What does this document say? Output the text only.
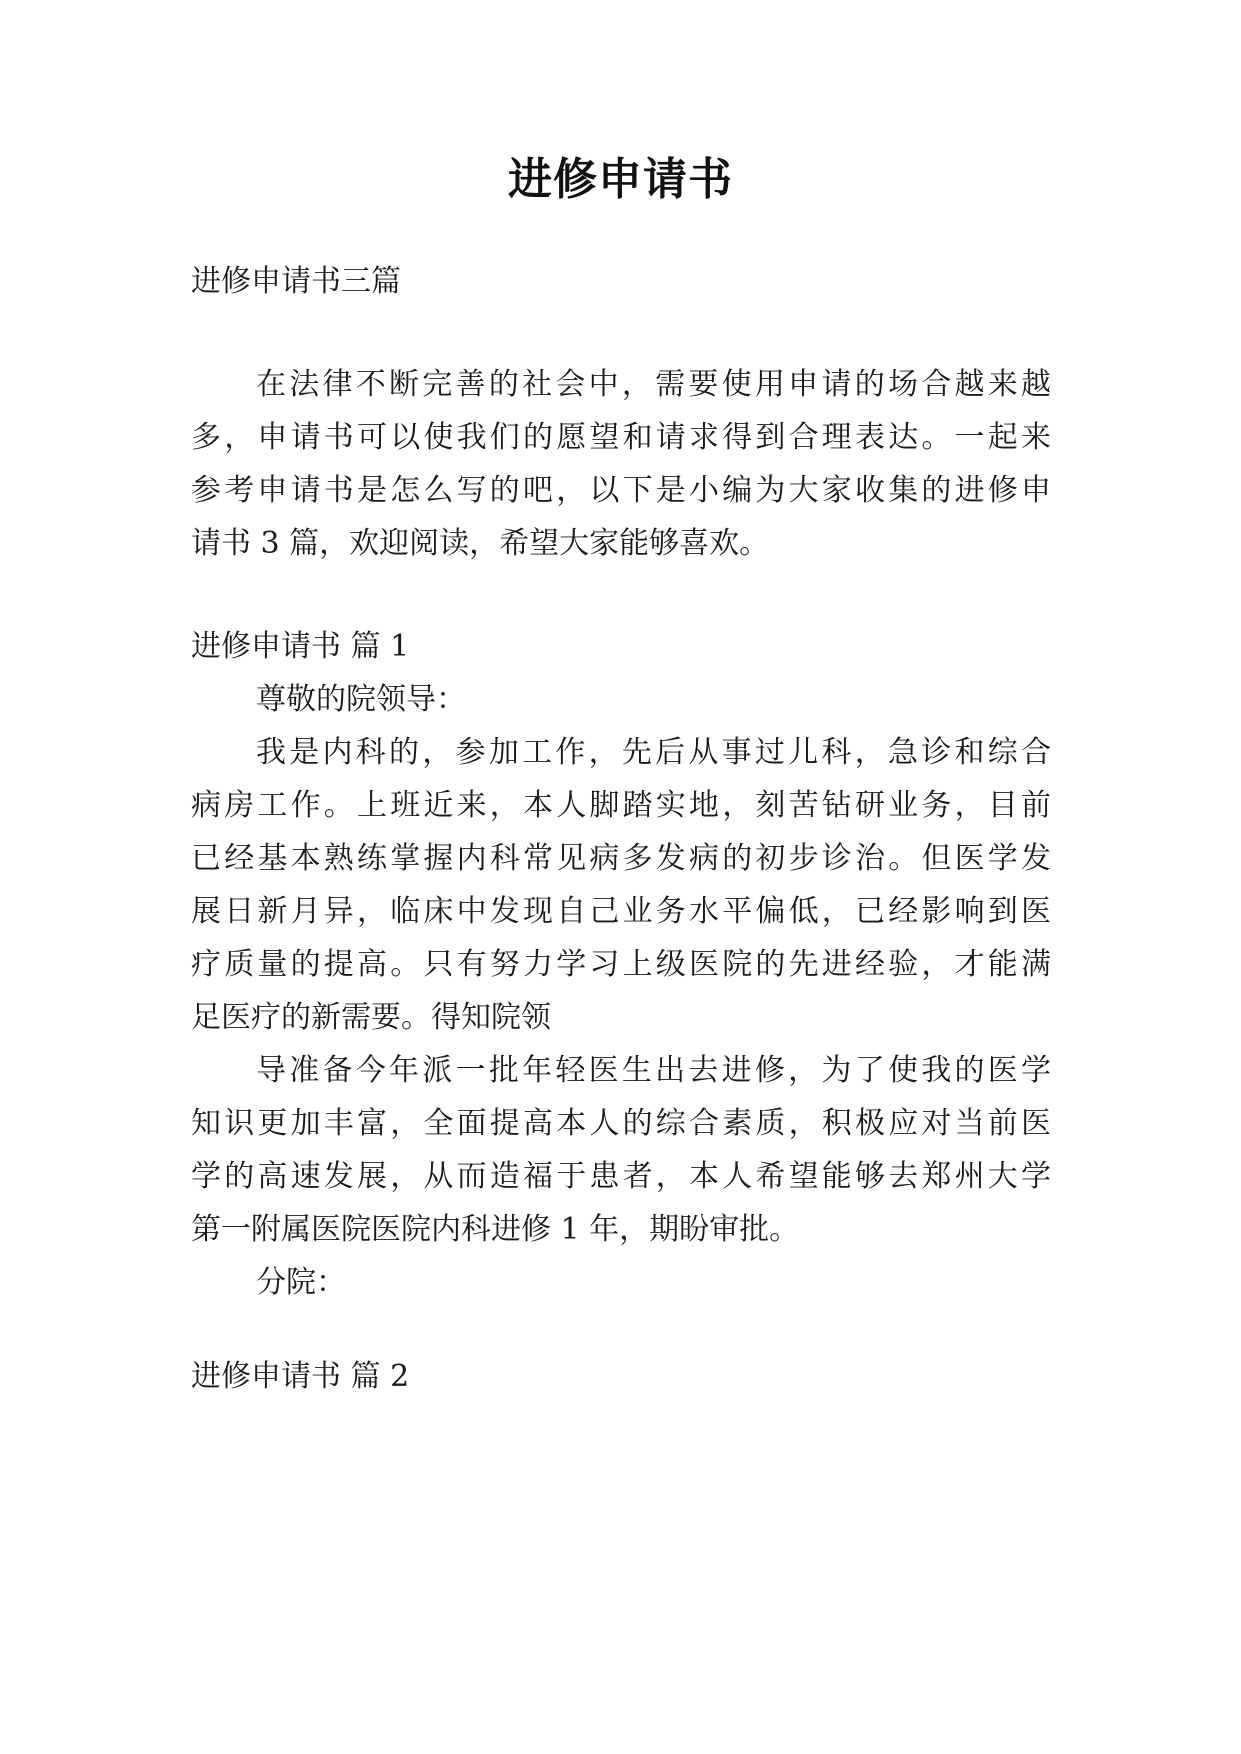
进修申请书
进修申请书三篇
在法律不断完善的社会中，需要使用申请的场合越来越
多，申请书可以使我们的愿望和请求得到合理表达。一起来
参考申请书是怎么写的吧，以下是小编为大家收集的进修申
请书 3 篇，欢迎阅读，希望大家能够喜欢。
进修申请书 篇 1
尊敬的院领导：
我是内科的，参加工作，先后从事过儿科，急诊和综合
病房工作。上班近来，本人脚踏实地，刻苦钻研业务，目前
已经基本熟练掌握内科常见病多发病的初步诊治。但医学发
展日新月异，临床中发现自己业务水平偏低，已经影响到医
疗质量的提高。只有努力学习上级医院的先进经验，才能满
足医疗的新需要。得知院领
导准备今年派一批年轻医生出去进修，为了使我的医学
知识更加丰富，全面提高本人的综合素质，积极应对当前医
学的高速发展，从而造福于患者，本人希望能够去郑州大学
第一附属医院医院内科进修 1 年，期盼审批。
分院：
进修申请书 篇 2
